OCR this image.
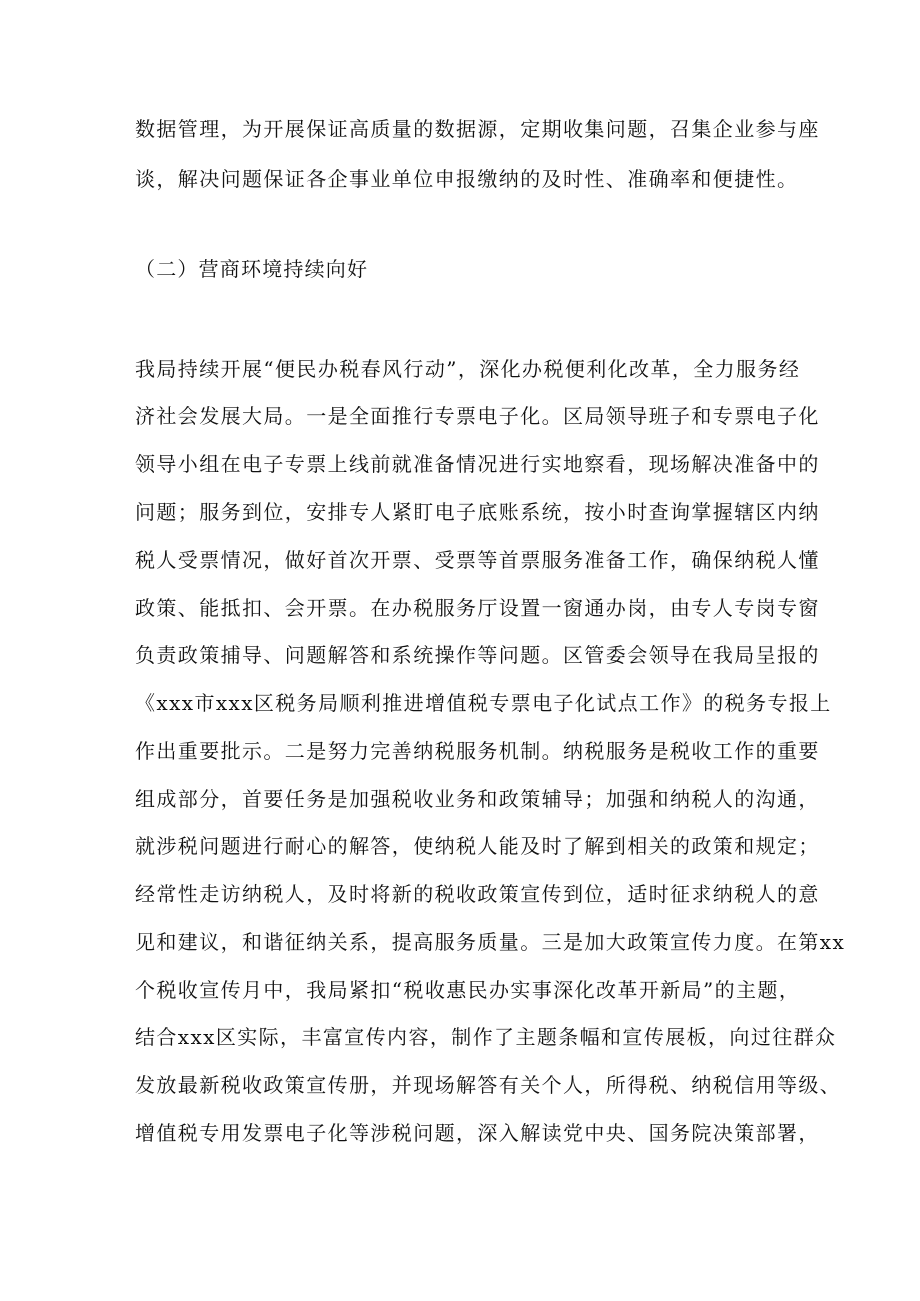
数据管理，为开展保证高质量的数据源，定期收集问题，召集企业参与座
谈，解决问题保证各企事业单位申报缴纳的及时性、准确率和便捷性。
（二）营商环境持续向好
我局持续开展“便民办税春风行动”，深化办税便利化改革，全力服务经
济社会发展大局。一是全面推行专票电子化。区局领导班子和专票电子化
领导小组在电子专票上线前就准备情况进行实地察看，现场解决准备中的
问题；服务到位，安排专人紧盯电子底账系统，按小时查询掌握辖区内纳
税人受票情况，做好首次开票、受票等首票服务准备工作，确保纳税人懂
政策、能抵扣、会开票。在办税服务厅设置一窗通办岗，由专人专岗专窗
负责政策捕导、问题解答和系统操作等问题。区管委会领导在我局呈报的
《xxx市xxx区税务局顺利推进增值税专票电子化试点工作》的税务专报上
作出重要批示。二是努力完善纳税服务机制。纳税服务是税收工作的重要
组成部分，首要任务是加强税收业务和政策辅导；加强和纳税人的沟通，
就涉税问题进行耐心的解答，使纳税人能及时了解到相关的政策和规定；
经常性走访纳税人，及时将新的税收政策宣传到位，适时征求纳税人的意
见和建议，和谐征纳关系，提高服务质量。三是加大政策宣传力度。在第xx
个税收宣传月中，我局紧扣“税收惠民办实事深化改革开新局”的主题，
结合xxx区实际，丰富宣传内容，制作了主题条幅和宣传展板，向过往群众
发放最新税收政策宣传册，并现场解答有关个人，所得税、纳税信用等级、
增值税专用发票电子化等涉税问题，深入解读党中央、国务院决策部署，
